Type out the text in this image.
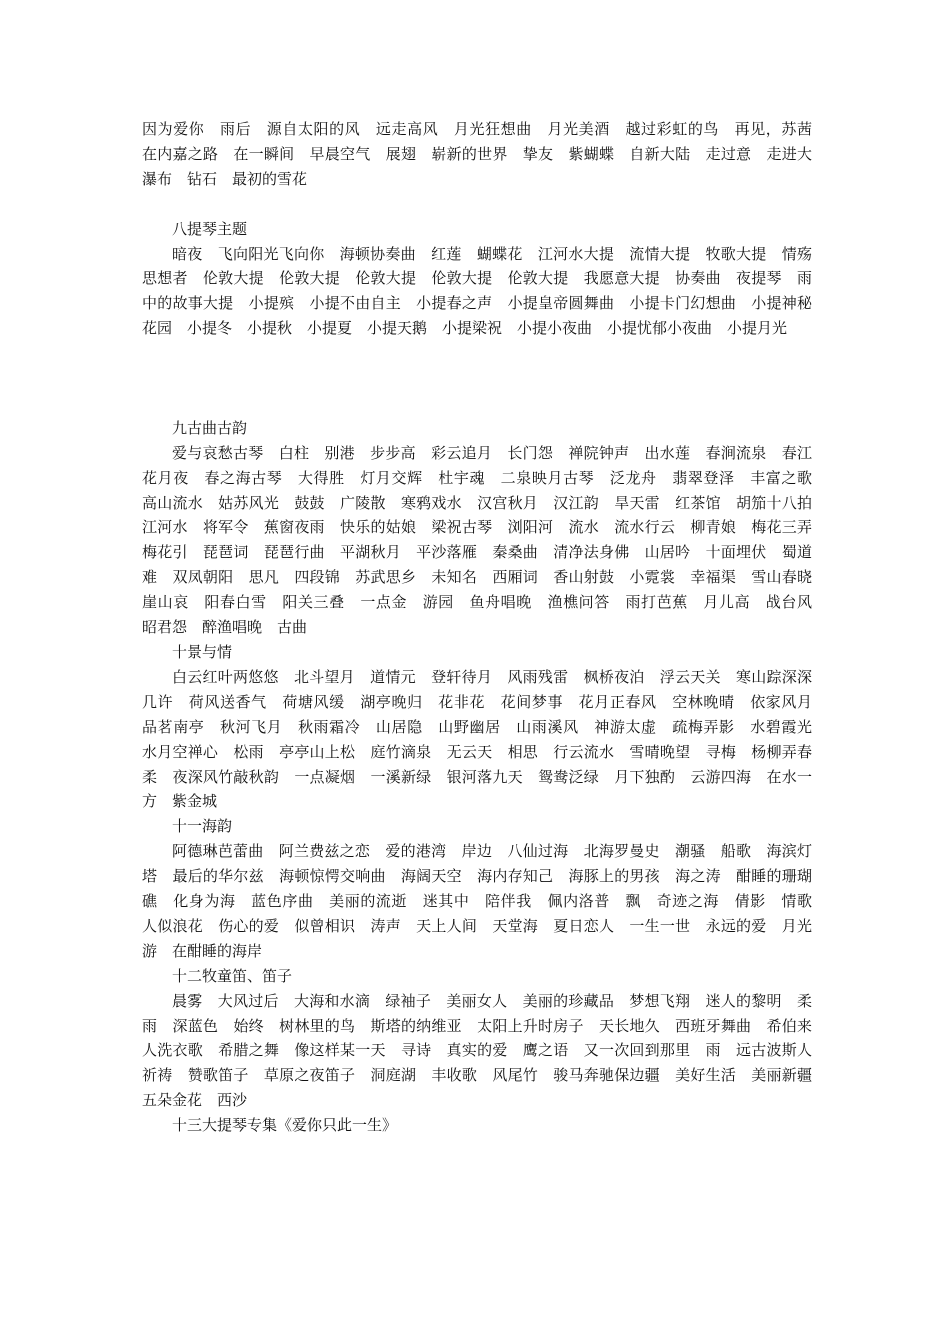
因为爱你　雨后　源自太阳的风　远走高风　月光狂想曲　月光美酒　越过彩虹的鸟　再见，苏茜　在内嘉之路　在一瞬间　早晨空气　展翅　崭新的世界　挚友　紫蝴蝶　自新大陆　走过意　走进大瀑布　钻石　最初的雪花

八提琴主题

暗夜　飞向阳光飞向你　海顿协奏曲　红莲　蝴蝶花　江河水大提　流情大提　牧歌大提　情殇　思想者　伦敦大提　伦敦大提　伦敦大提　伦敦大提　伦敦大提　我愿意大提　协奏曲　夜提琴　雨中的故事大提　小提殡　小提不由自主　小提春之声　小提皇帝圆舞曲　小提卡门幻想曲　小提神秘花园　小提冬　小提秋　小提夏　小提天鹅　小提梁祝　小提小夜曲　小提忧郁小夜曲　小提月光

九古曲古韵

爱与哀愁古琴　白柱　别港　步步高　彩云追月　长门怨　禅院钟声　出水莲　春涧流泉　春江花月夜　春之海古琴　大得胜　灯月交辉　杜宇魂　二泉映月古琴　泛龙舟　翡翠登泽　丰富之歌　高山流水　姑苏风光　鼓鼓　广陵散　寒鸦戏水　汉宫秋月　汉江韵　旱天雷　红茶馆　胡笳十八拍　江河水　将军令　蕉窗夜雨　快乐的姑娘　梁祝古琴　浏阳河　流水　流水行云　柳青娘　梅花三弄　梅花引　琵琶词　琵琶行曲　平湖秋月　平沙落雁　秦桑曲　清净法身佛　山居吟　十面埋伏　蜀道难　双凤朝阳　思凡　四段锦　苏武思乡　未知名　西厢词　香山射鼓　小霓裳　幸福渠　雪山春晓　崖山哀　阳春白雪　阳关三叠　一点金　游园　鱼舟唱晚　渔樵问答　雨打芭蕉　月儿高　战台风　昭君怨　醉渔唱晚　古曲

十景与情

白云红叶两悠悠　北斗望月　道情元　登轩待月　风雨残雷　枫桥夜泊　浮云天关　寒山踪深深几许　荷风送香气　荷塘风缓　湖亭晚归　花非花　花间梦事　花月正春风　空林晚晴　依家风月　品茗南亭　秋河飞月　秋雨霜冷　山居隐　山野幽居　山雨溪风　神游太虚　疏梅弄影　水碧霞光　水月空禅心　松雨　亭亭山上松　庭竹滴泉　无云天　相思　行云流水　雪晴晚望　寻梅　杨柳弄春柔　夜深风竹敲秋韵　一点凝烟　一溪新绿　银河落九天　鸳鸯泛绿　月下独酌　云游四海　在水一方　紫金城

十一海韵

阿德琳芭蕾曲　阿兰费兹之恋　爱的港湾　岸边　八仙过海　北海罗曼史　潮骚　船歌　海滨灯塔　最后的华尔兹　海顿惊愕交响曲　海阔天空　海内存知己　海豚上的男孩　海之涛　酣睡的珊瑚礁　化身为海　蓝色序曲　美丽的流逝　迷其中　陪伴我　佩内洛普　飘　奇迹之海　倩影　情歌　人似浪花　伤心的爱　似曾相识　涛声　天上人间　天堂海　夏日恋人　一生一世　永远的爱　月光游　在酣睡的海岸

十二牧童笛、笛子

晨雾　大风过后　大海和水滴　绿袖子　美丽女人　美丽的珍藏品　梦想飞翔　迷人的黎明　柔雨　深蓝色　始终　树林里的鸟　斯塔的纳维亚　太阳上升时房子　天长地久　西班牙舞曲　希伯来人洗衣歌　希腊之舞　像这样某一天　寻诗　真实的爱　鹰之语　又一次回到那里　雨　远古波斯人祈祷　赞歌笛子　草原之夜笛子　洞庭湖　丰收歌　风尾竹　骏马奔驰保边疆　美好生活　美丽新疆　五朵金花　西沙

十三大提琴专集《爱你只此一生》
